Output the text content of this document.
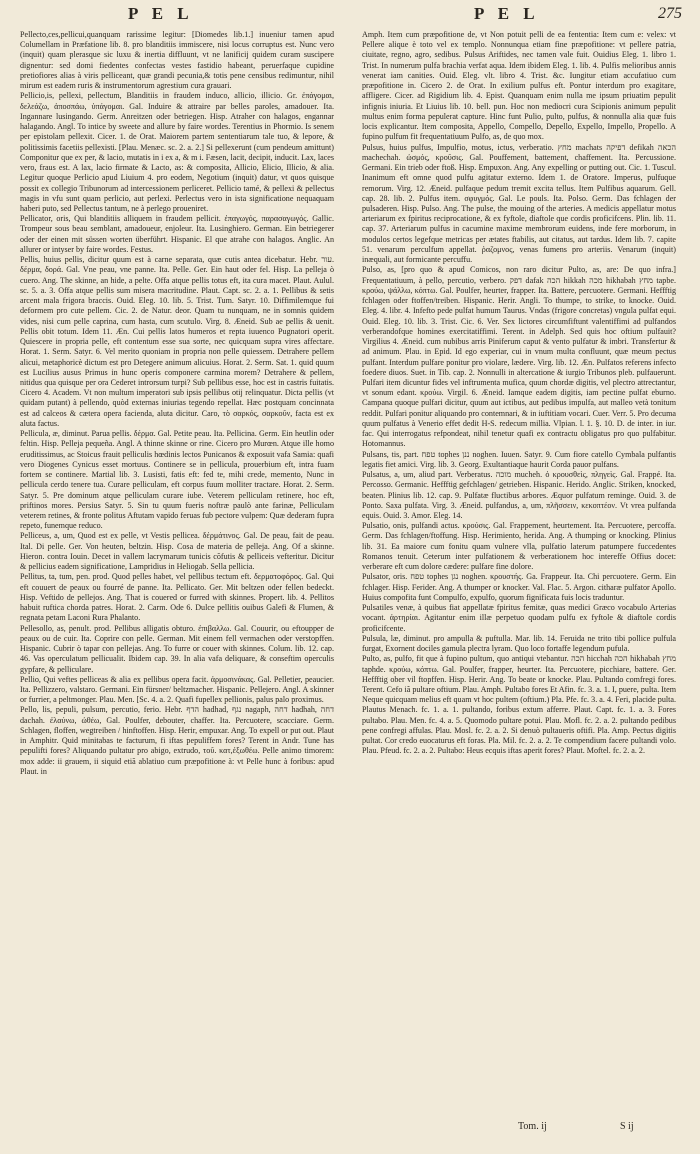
P E L	P E L	275

Pellecto,ces,pellicui,quanquam rarissime legitur: [Diomedes lib.1.] inueniur tamen apud Columellam in Præfatione lib. 8. pro blanditiis immiscere, nisi locus corruptus est. Nunc vero (inquit) quam plerasque sic luxu & inertia diffluunt, vt ne lanificij quidem curam suscipere dignentur: sed domi fiedentes confectas vestes fastidio habeant, peruerfaque cupidine pretiofiores alias à viris pelliceant, quæ grandi pecunia,& totis pene censibus redimuntur, nihil mirum est eadem ruris & instrumentorum agrestium cura grauari.

Pellicio,is, pellexi, pellectum, Blanditiis in fraudem induco, allicio, illicio. Gr. ἐπάγομαι, δελεάζω, ἀποσπάω, ὑπάγομαι. Gal. Induire & attraire par belles paroles, amadouer. Ita. Ingannare lusingando. Germ. Anreitzen oder betriegen. Hisp. Atraher con halagos, engannar halagando. Angl. To intice by sweete and allure by faire wordes. Terentius in Phormio. Is senem per epistolam pellexit. Cicer. 1. de Orat. Maiorem partem sententiarum tale tuo, & lepore, & politissimis facetiis pellexisti. [Plau. Menæc. sc. 2. a. 2.] Si pellexerunt (cum pendeum amittunt) Componitur que ex per, & lacio, mutatis in i ex a, & m i. Fæsen, lacit, decipit, inducit. Lax, laces vero, fraus est. A lax, lacio firmate & Lacto, as: & composita, Allicio, Elicio, Illicio, & alia. Legitur quoque Perlicio apud Liuium 4. pro eodem, Negotium (inquit) datur, vt quos quisque possit ex collegio Tribunorum ad intercessionem perliceret. Pellicio tamé, & pellexi & pellectus magis in vfu sunt quam perlicio, aut perlexi. Perlectus vero in ista significatione nequaquam haberi puto, sed Pellectus tantum, ne à perlego proueniret.

Pellicator, oris, Qui blanditiis alliquem in fraudem pellicit. ἐπαγωγός, παρασαγωγός. Gallic. Trompeur sous beau semblant, amadoueur, enjoleur. Ita. Lusinghiero. German. Ein betriegerer oder der einen mit süssen worten überführt. Hispanic. El que atrahe con halagos. Anglic. An allurer or intyser by faire wordes. Festus.

Pellis, huius pellis, dicitur quum est à carne separata, quæ cutis antea dicebatur. Hebr. עור. δέρμα, δορά. Gal. Vne peau, vne panne. Ita. Pelle. Ger. Ein haut oder fel. Hisp. La pelleja ò cuero. Ang. The skinne, an hide, a pelte. Offa atque pellis totus eft, ita cura macet. Plaut. Aulul. sc. 5. a. 3. Offa atque pellis sum misera macritudine. Plaut. Capt. sc. 2. a. 1. Pellibus & setis arcent mala frigora braccis. Ouid. Eleg. 10. lib. 5. Trist. Tum. Satyr. 10. Diffimilemque fui deformem pro cute pellem. Cic. 2. de Natur. deor. Quam tu nunquam, ne in somnis quidem vides, nisi cum pelle caprina, cum hasta, cum scutulo. Virg. 8. Æneid. Sub ae pellis & uenit. Pellis obit totum. Idem 11. Æn. Cui pellis latos humeros et repta iuuenco Pugnatori operit. Quiescere in propria pelle, eft contentum esse sua sorte, nec quicquam supra vires affectare. Horat. 1. Serm. Satyr. 6. Vel merito quoniam in propria non pelle quiessem. Detrahere pellem alicui, metaphoricè dictum est pro Detegere animum alicuius. Horat. 2. Serm. Sat. 1. quid quum est Lucilius ausus Primus in hunc operis componere carmina morem? Detrahere & pellem, nitidus qua quisque per ora Cederet introrsum turpi? Sub pellibus esse, hoc est in castris fuitatis. Cicero 4. Academ. Vt non multum imperatori sub ipsis pellibus otij relinquatur. Dicta pellis (vt quidam putant) à pellendo, quòd externas iniurias tegendo repellat. Hæc postquam concinnata est ad calceos & cætera opera facienda, aluta dicitur. Caro, τὸ σαρκός, σαρκοῦν, facta est ex aluta factus.

Pellicula, æ, diminut. Parua pellis. δέρμα. Gal. Petite peau. Ita. Pellicina. Germ. Ein heutlin oder feltin. Hisp. Pelleja pequeña. Angl. A thinne skinne or rine. Cicero pro Murœn. Atque ille homo eruditissimus, ac Stoicus frauit pelliculis hœdinis lectos Punicanos & exposuit vafa Samia: quafi vero Diogenes Cynicus esset mortuus. Continere se in pellicula, prouerbium eft, intra fuam fortem se continere. Martial lib. 3. Lusisti, fatis eft: fed te, mihi crede, memento, Nunc in pellicula cerdo tenere tua. Curare pelliculam, eft corpus fuum molliter tractare. Horat. 2. Serm. Satyr. 5. Pre dominum atque pelliculam curare iube. Veterem pelliculam retinere, hoc eft, priftinos mores. Persius Satyr. 5. Sin tu quum fueris noftræ paulò ante farinæ, Pelliculam veterem retines, & fronte politus Aftutam vapido feruas fub pectore vulpem: Quæ dederam fupra repeto, funemque reduco.

Pelliceus, a, um, Quod est ex pelle, vt Vestis pellicea. δέρμάτινος. Gal. De peau, fait de peau. Ital. Di pelle. Ger. Von heuten, beltzin. Hisp. Cosa de materia de pelleja. Ang. Of a skinne. Hieron. contra Iouin. Decet in vallem lacrymarum tunicis cõfutis & pelliceis vefteritur. Dicitur & pellicius eadem significatione, Lampridius in Heliogab. Sella pellicia.

Pellitus, ta, tum, pen. prod. Quod pelles habet, vel pellibus tectum eft. δερματοφόρος. Gal. Qui eft couuert de peaux ou fourré de panne. Ita. Pellicato. Ger. Mit beltzen oder fellen bedeckt. Hisp. Veftido de pellejos. Ang. That is couered or furred with skinnes. Propert. lib. 4. Pellitos habuit ruftica chorda patres. Horat. 2. Carm. Ode 6. Dulce pellitis ouibus Galefi & Flumen, & regnata petam Laconi Rura Phalanto.

Pellesollo, as, penult. prod. Pellibus alligatis obturo. ἐπιβαλλω. Gal. Couurir, ou eftoupper de peaux ou de cuir. Ita. Coprire con pelle. German. Mit einem fell vermachen oder verstopffen. Hispanic. Cubrir ò tapar con pellejas. Ang. To furre or couer with skinnes. Colum. lib. 12. cap. 46. Vas operculatum pellicualit. Ibidem cap. 39. In alia vafa deliquare, & conseftim operculis gypfare, & pelliculare.

Pellio, Qui veftes pelliceas & alia ex pellibus opera facit. ἀρμοσινάκας. Gal. Pelletier, peaucier. Ita. Pellizzero, valstaro. Germani. Ein fürsner/ beltzmacher. Hispanic. Pellejero. Angl. A skinner or furrier, a peltmonger. Plau. Men. [Sc. 4. a. 2. Quafi fupellex pellionis, palus palo proximus.

Pello, lis, pepuli, pulsum, percutio, ferio. Hebr. הדף hadhad, נגף nagaph, דחה hadhah, דחה dachah. ἐλαύνω, ὠθέω, Gal. Poulfer, debouter, chaffer. Ita. Percuotere, scacciare. Germ. Schlagen, floffen, wegtreiben / hinftoffen. Hisp. Herir, empuxar. Ang. To expell or put out. Plaut in Amphitr. Quid minitabas te facturum, fi iftas pepuliffem fores? Terent in Andr. Tune has pepulifti fores? Aliquando pultatur pro abigo, extrudo, τοῦ. κατ,ἐξωθέω. Pelle animo timorem: mox adde: ii grauem, ii siquid etiã ablatiuo cum præpofitione à: vt Pelle hunc à foribus: apud Plaut. in

Amph. Item cum præpofitione de, vt Non potuit pelli de ea fententia: Item cum e: velex: vt Pellere alique è toto vel ex templo. Nonnunqua etiam fine præpofitione: vt pellere patria, ciuitate, regno, agro, sedibus. Pulsus Ariftides, nec tamen vale fuit. Ouidius Eleg. 1. libro 1. Trist. In numerum pulfa brachia verfat aqua. Idem ibidem Eleg. 1. lib. 4. Pulfis melioribus annis venerat iam canities. Ouid. Eleg. vlt. libro 4. Trist. &c. Iungitur etiam accufatiuo cum præpofitione in. Cicero 2. de Orat. In exilium pulfus eft. Pontur interdum pro exagitare, affligere. Cicer. ad Rigidium lib. 4. Epist. Quanquam enim nulla me ipsum priuatim pepulit infignis iniuria. Et Liuius lib. 10. bell. pun. Hoc non mediocri cura Scipionis animum pepulit multus enim forma pepulerat capture. Hinc funt Pulio, pulto, pulfus, & nonnulla alia quæ fuis locis explicantur. Item composita, Appello, Compello, Depello, Expello, Impello, Propello. A fupino pulfum fit frequentatiuum Pulfo, as, de quo mox.

Pulsus, huius pulfus, Impulfio, motus, ictus, verberatio. מחץ machats דפיקה defikah הכאה machechah. ὠσμός, κροῦσις. Gal. Pouffement, battement, chaffement. Ita. Percussione. Germani. Ein trieb oder ftoß. Hisp. Empuxon. Ang. Any expelling or putting out. Cic. 1. Tuscul. Inanimum eft omne quod pulfu agitatur externo. Idem 1. de Oratore. Imperus, pulfuque remorum. Virg. 12. Æneid. pulfaque pedum tremit excita tellus. Item Pulfibus aquarum. Gell. cap. 28. lib. 2. Pulfus item. σφυγμός. Gal. Le pouls. Ita. Polso. Germ. Das fchlagen der pulsaderen. Hisp. Pulso. Ang. The pulse, the mouing of the arteries. A medicis appellatur motus arteriarum ex fpiritus reciprocatione, & ex fyftole, diaftole que cordis proficifcens. Plin. lib. 11. cap. 37. Arteriarum pulfus in cacumine maxime membrorum euidens, inde fere morborum, in modulos certos legefque metricas per ætates ftabilis, aut citatus, aut tardus. Idem lib. 7. capite 51. venarum perculfum appellat. ῥαζομνος, venas fumens pro arteriis. Venarum (inquit) inæquali, aut formicante percuffu.

Pulso, as, [pro quo & apud Comicos, non raro dicitur Pulto, as, are: De quo infra.] Frequentatiuum, à pello, percutio, verbero. דפק dafak הכה hikkah מכה hikhabah מחץ tapbe. κρούω, ψάλλω, κόπτω. Gal. Poulfer, heurter, frapper. Ita. Battere, percuotere. Germani. Heffftig fchlagen oder ftoffen/treiben. Hispanic. Herir. Angli. To thumpe, to strike, to knocke. Ouid. Eleg. 4. libr. 4. Infefto pede pulfat humum Taurus. Vndas (frigore concretas) vngula pulfat equi. Ouid. Eleg. 10. lib. 3. Trist. Cic. 6. Ver. Sex lictores circumfiftunt valentiffimi ad pulfandos verberandofque homines exercitatiffimi. Terent. in Adelph. Sed quis hoc oftium pulfauit? Virgilius 4. Æneid. cum nubibus arris Piniferum caput & vento pulfatur & imbri. Transfertur & ad animum. Plau. in Epid. Id ego experiar, cui in vnum multa confluunt, quæ meum pectus pulfant. Interdum pulfare ponitur pro violare, lædere. Virg. lib. 12. Æn. Pulfatos referens infecto foedere diuos. Suet. in Tib. cap. 2. Nonnulli in altercatione & iurgio Tribunos pleb. pulfauerunt. Pulfari item dicuntur fides vel inftrumenta mufica, quum chordæ digitis, vel plectro attrectantur, vt sonum edant. κρούω. Virgil. 6. Æneid. Iamque eadem digitis, iam pectine pulfat eburno. Campana quoque pulfari dicitur, quum aut ictibus, aut pedibus impulfa, aut malleo vetà tonitum reddit. Pulfari ponitur aliquando pro contemnari, & in iuftitiam vocari. Cuer. Verr. 5. Pro decuma quum pulfatus à Venerio effet dedit H-S. redecum millia. Vlpian. l. 1. §. 10. D. de inter. in iur. fac. Qui interrogatus refpondeat, nihil tenetur quafi ex contractu obligatus pro quo pulfabitur. Hotomannus.

Pulsans, tis, part. טפח tophes ננן noghen. Iuuen. Satyr. 9. Cum fiore catello Cymbala pulfantis legatis fiet amici. Virg. lib. 3. Georg. Exultantiaque haurit Corda pauor pulfans.

Pulsatus, a, um, aliud part. Verberatus. מוכה mucheh. ὁ κρουσθεὶς, πληγεὶς. Gal. Frappé. Ita. Percosso. Germanic. Heffftig gefchlagen/ getrieben. Hispanic. Herido. Anglic. Striken, knocked, beaten. Plinius lib. 12. cap. 9. Pulfatæ fluctibus arbores. Æquor pulfatum reminge. Ouid. 3. de Ponto. Saxa pulfata. Virg. 3. Æneid. pulfandus, a, um, πλῆσσειν, κεκοπτέον. Vt vrea pulfanda equis. Ouid. 3. Amor. Eleg. 14.

Pulsatio, onis, pulfandi actus. κρούσις. Gal. Frappement, heurtement. Ita. Percuotere, percoffa. Germ. Das fchlagen/ftoffung. Hisp. Herimiento, herida. Ang. A thumping or knocking. Plinius lib. 31. Ea maiore cum fonitu quam vulnere vlla, pulfatio laterum patumpere fuccedentes Romanos tenuit. Ceterum inter pulfationem & verberationem hoc intereffe Offius docet: verberare eft cum dolore cædere: pulfare fine dolore.

Pulsator, oris. טפח tophes נגן noghen. κρουστής. Ga. Frappeur. Ita. Chi percuotere. Germ. Ein fchlager. Hisp. Ferider. Ang. A thumper or knocker. Val. Flac. 5. Argon. citharæ pulfator Apollo. Huius compofita funt Compulfo, expulfo, quorum fignificata fuis locis traduntur.

Pulsatiles venæ, à quibus fiat appellatæ fpiritus femitæ, quas medici Græco vocabulo Arterias vocant. ἀρτηρίαι. Agitantur enim illæ perpetuo quodam pulfu ex fyftole & diaftole cordis proficifcente.

Pulsula, læ, diminut. pro ampulla & puftulla. Mar. lib. 14. Feruida ne trito tibi pollice pulfula furgat, Exornent dociles gamula plectra lyram. Quo loco fortaffe legendum pufula.

Pulto, as, pulfo, fit que à fupino pultum, quo antiqui vtebantur. הכה hicchah הכה hikhabah מחץ taphde. κρούω, κόπτω. Gal. Poulfer, frapper, heurter. Ita. Percuotere, picchiare, battere. Ger. Heffftig ober vil ftopffen. Hisp. Herir. Ang. To beate or knocke. Plau. Pultando comfregi fores. Terent. Cefo iã pultare oftium. Plau. Amph. Pultabo fores Et Afin. fc. 3. a. 1. I, puere, pulta. Item Neque quicquam melius eft quam vt hoc pultem (oftium.) Pla. Pfe. fc. 3. a. 4. Feri, placide pulta. Plautus Menach. fc. 1. a. 1. pultando, foribus extum afferre. Plaut. Capt. fc. 1. a. 3. Fores pultabo. Plau. Men. fc. 4. a. 5. Quomodo pultare potui. Plau. Mofl. fc. 2. a. 2. pultando pedibus pene confregi affulas. Plau. Mosl. fc. 2. a. 2. Si denuò pultaueris oftifi. Pla. Amp. Pectus digitis pultat. Cor credo euocaturus eft foras. Pla. Mil. fc. 2. a. 2. Te compendium facere pultandi volo. Plau. Pfeud. fc. 2. a. 2. Pultabo: Heus ecquis iftas aperit fores? Plaut. Moftel. fc. 2. a. 2.

Tom. ij	S ij
